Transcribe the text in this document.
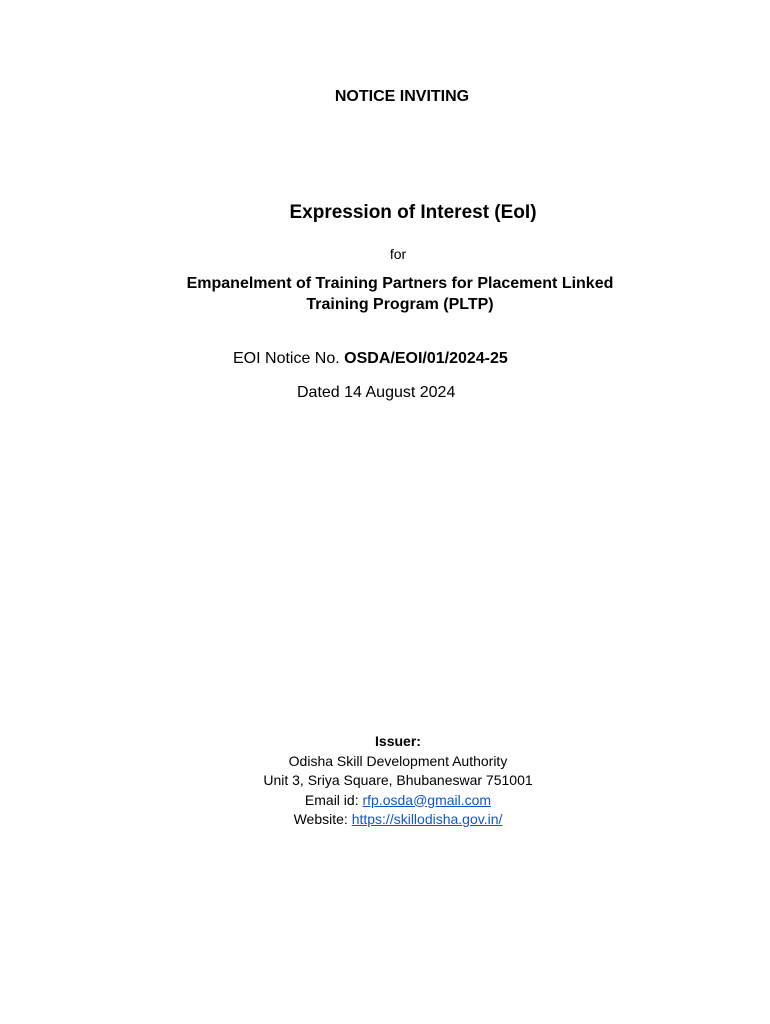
NOTICE INVITING
Expression of Interest (EoI)
for
Empanelment of Training Partners for Placement Linked
Training Program (PLTP)
EOI Notice No. OSDA/EOI/01/2024-25
Dated 14 August 2024
Issuer:
Odisha Skill Development Authority
Unit 3, Sriya Square, Bhubaneswar 751001
Email id: rfp.osda@gmail.com
Website: https://skillodisha.gov.in/
